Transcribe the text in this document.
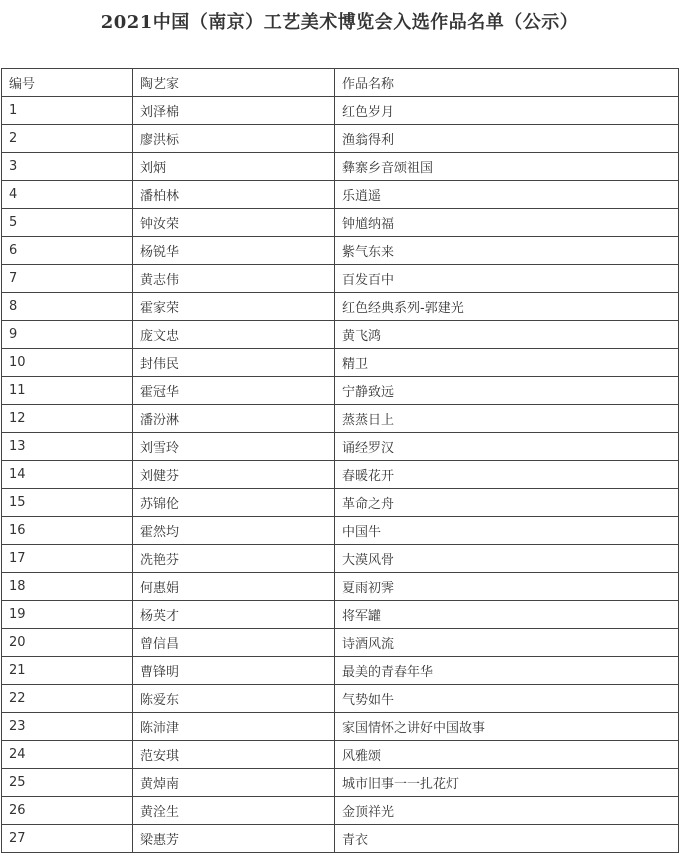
2021中国（南京）工艺美术博览会入选作品名单（公示）
编号	陶艺家	作品名称
1	刘泽棉	红色岁月
2	廖洪标	渔翁得利
3	刘炳	彝寨乡音颂祖国
4	潘柏林	乐逍遥
5	钟汝荣	钟馗纳福
6	杨锐华	紫气东来
7	黄志伟	百发百中
8	霍家荣	红色经典系列-郭建光
9	庞文忠	黄飞鸿
10	封伟民	精卫
11	霍冠华	宁静致远
12	潘汾淋	蒸蒸日上
13	刘雪玲	诵经罗汉
14	刘健芬	春暖花开
15	苏锦伦	革命之舟
16	霍然均	中国牛
17	冼艳芬	大漠风骨
18	何惠娟	夏雨初霁
19	杨英才	将军罐
20	曾信昌	诗酒风流
21	曹锋明	最美的青春年华
22	陈爱东	气势如牛
23	陈沛津	家国情怀之讲好中国故事
24	范安琪	风雅颂
25	黄焯南	城市旧事一一扎花灯
26	黄洤生	金顶祥光
27	梁惠芳	青衣
